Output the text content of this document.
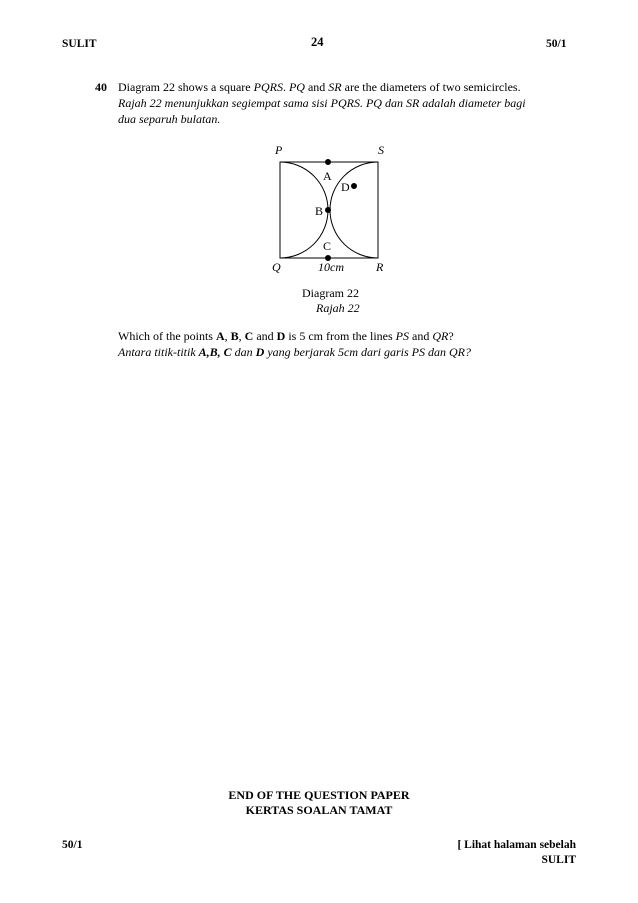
SULIT	24	50/1
40 Diagram 22 shows a square PQRS. PQ and SR are the diameters of two semicircles.
Rajah 22 menunjukkan segiempat sama sisi PQRS. PQ dan SR adalah diameter bagi
dua separuh bulatan.
P	S
Q	R
A
D
B
C
10cm
Diagram 22
Rajah 22
Which of the points A, B, C and D is 5 cm from the lines PS and QR?
Antara titik-titik A,B, C dan D yang berjarak 5cm dari garis PS dan QR?
END OF THE QUESTION PAPER
KERTAS SOALAN TAMAT
50/1	[ Lihat halaman sebelah
SULIT
